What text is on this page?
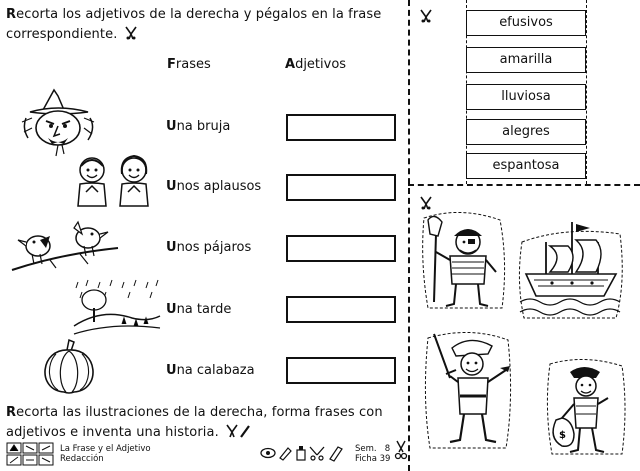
Recorta los adjetivos de la derecha y pégalos en la frase
correspondiente.
Frases	Adjetivos
Una bruja
Unos aplausos
Unos pájaros
Una tarde
Una calabaza
efusivos
amarilla
lluviosa
alegres
espantosa
$
Recorta las ilustraciones de la derecha, forma frases con
adjetivos e inventa una historia.
La Frase y el Adjetivo
Redacción
Sem. 8
Ficha 39
